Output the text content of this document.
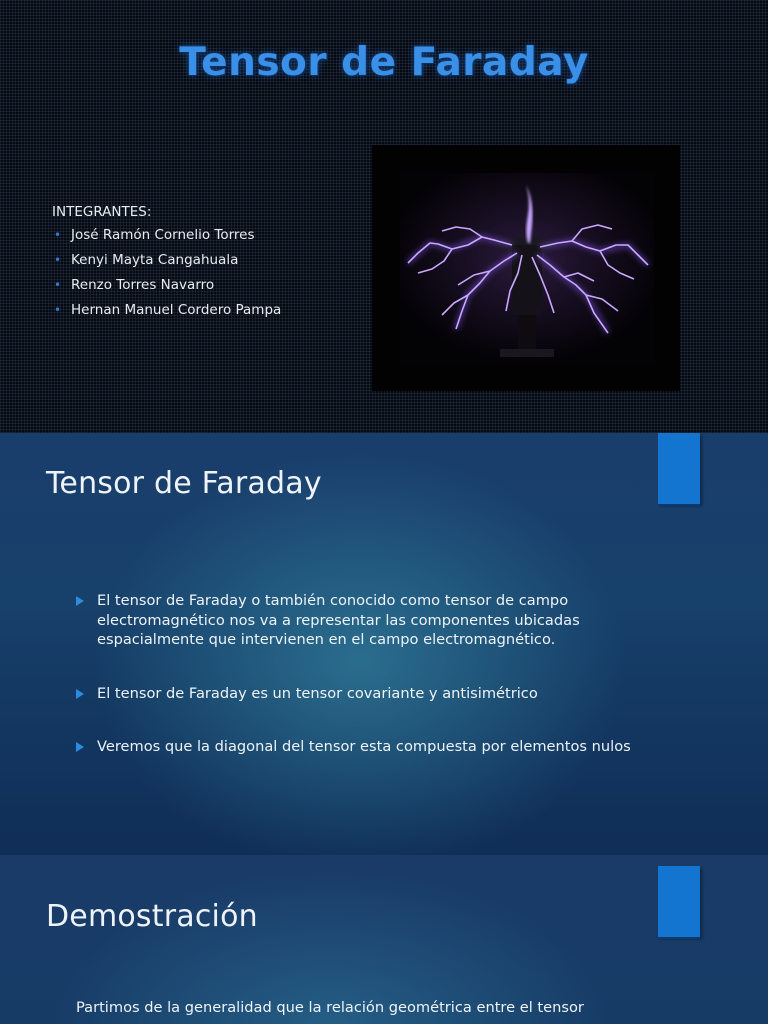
Tensor de Faraday
INTEGRANTES:
• José Ramón Cornelio Torres
• Kenyi Mayta Cangahuala
• Renzo Torres Navarro
• Hernan Manuel Cordero Pampa
Tensor de Faraday
El tensor de Faraday o también conocido como tensor de campo electromagnético nos va a representar las componentes ubicadas espacialmente que intervienen en el campo electromagnético.
El tensor de Faraday es un tensor covariante y antisimétrico
Veremos que la diagonal del tensor esta compuesta por elementos nulos
Demostración
Partimos de la generalidad que la relación geométrica entre el tensor
